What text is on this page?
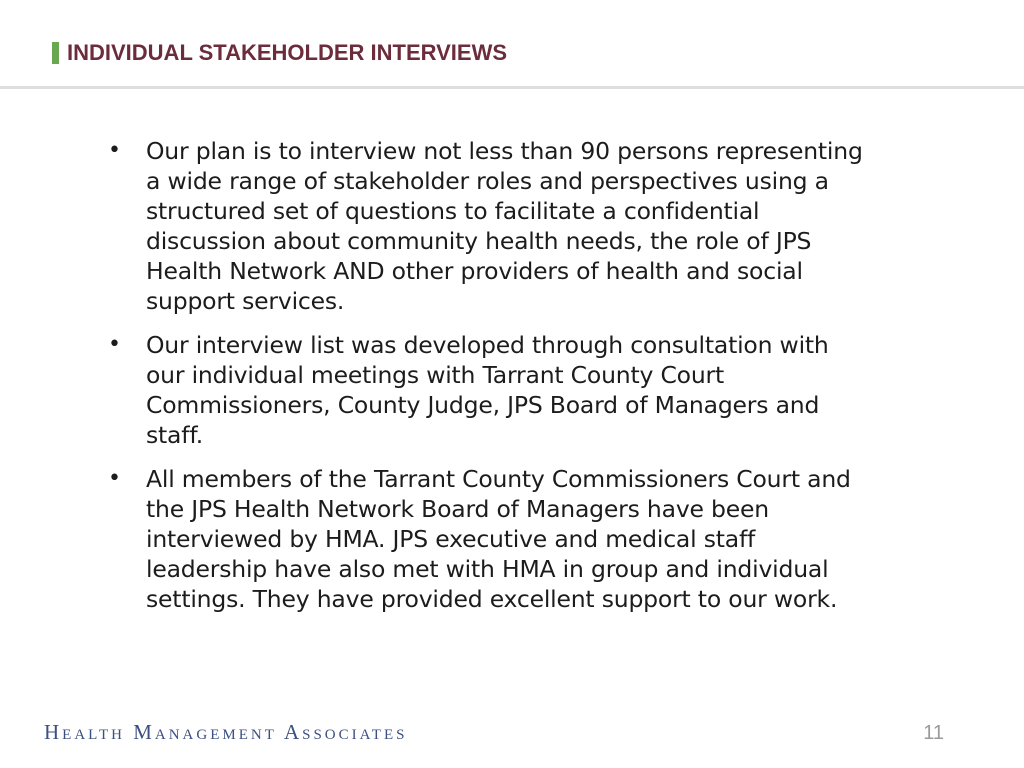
INDIVIDUAL STAKEHOLDER INTERVIEWS
• Our plan is to interview not less than 90 persons representing a wide range of stakeholder roles and perspectives using a structured set of questions to facilitate a confidential discussion about community health needs, the role of JPS Health Network AND other providers of health and social support services.
• Our interview list was developed through consultation with our individual meetings with Tarrant County Court Commissioners, County Judge, JPS Board of Managers and staff.
• All members of the Tarrant County Commissioners Court and the JPS Health Network Board of Managers have been interviewed by HMA. JPS executive and medical staff leadership have also met with HMA in group and individual settings. They have provided excellent support to our work.
Health Management Associates	11
